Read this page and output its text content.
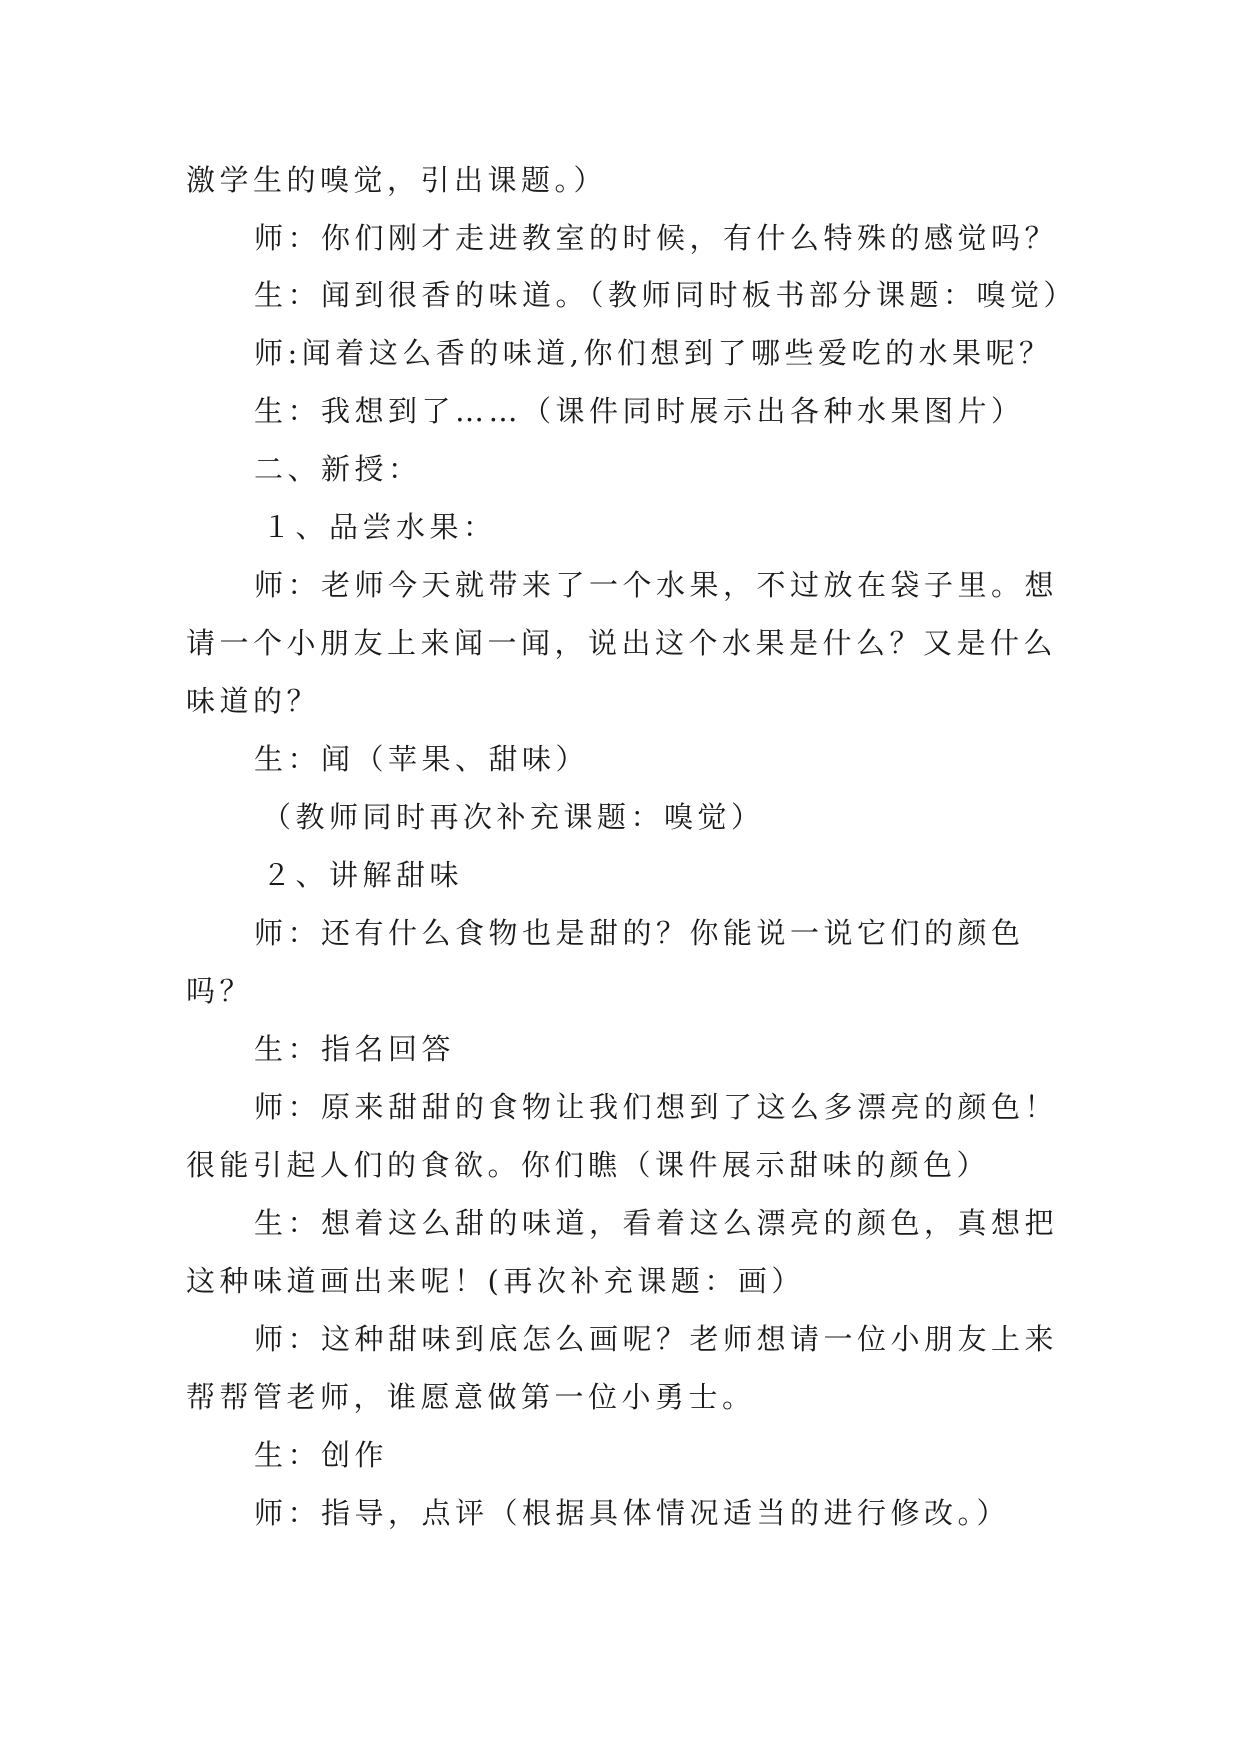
激学生的嗅觉，引出课题。）
师：你们刚才走进教室的时候，有什么特殊的感觉吗？
生：闻到很香的味道。（教师同时板书部分课题：嗅觉）
师:闻着这么香的味道,你们想到了哪些爱吃的水果呢？
生：我想到了……（课件同时展示出各种水果图片）
二、新授：
１、品尝水果：
师：老师今天就带来了一个水果，不过放在袋子里。想
请一个小朋友上来闻一闻，说出这个水果是什么？又是什么
味道的？
生：闻（苹果、甜味）
（教师同时再次补充课题：嗅觉）
２、讲解甜味
师：还有什么食物也是甜的？你能说一说它们的颜色
吗？
生：指名回答
师：原来甜甜的食物让我们想到了这么多漂亮的颜色！
很能引起人们的食欲。你们瞧（课件展示甜味的颜色）
生：想着这么甜的味道，看着这么漂亮的颜色，真想把
这种味道画出来呢！(再次补充课题：画）
师：这种甜味到底怎么画呢？老师想请一位小朋友上来
帮帮管老师，谁愿意做第一位小勇士。
生：创作
师：指导，点评（根据具体情况适当的进行修改。）
